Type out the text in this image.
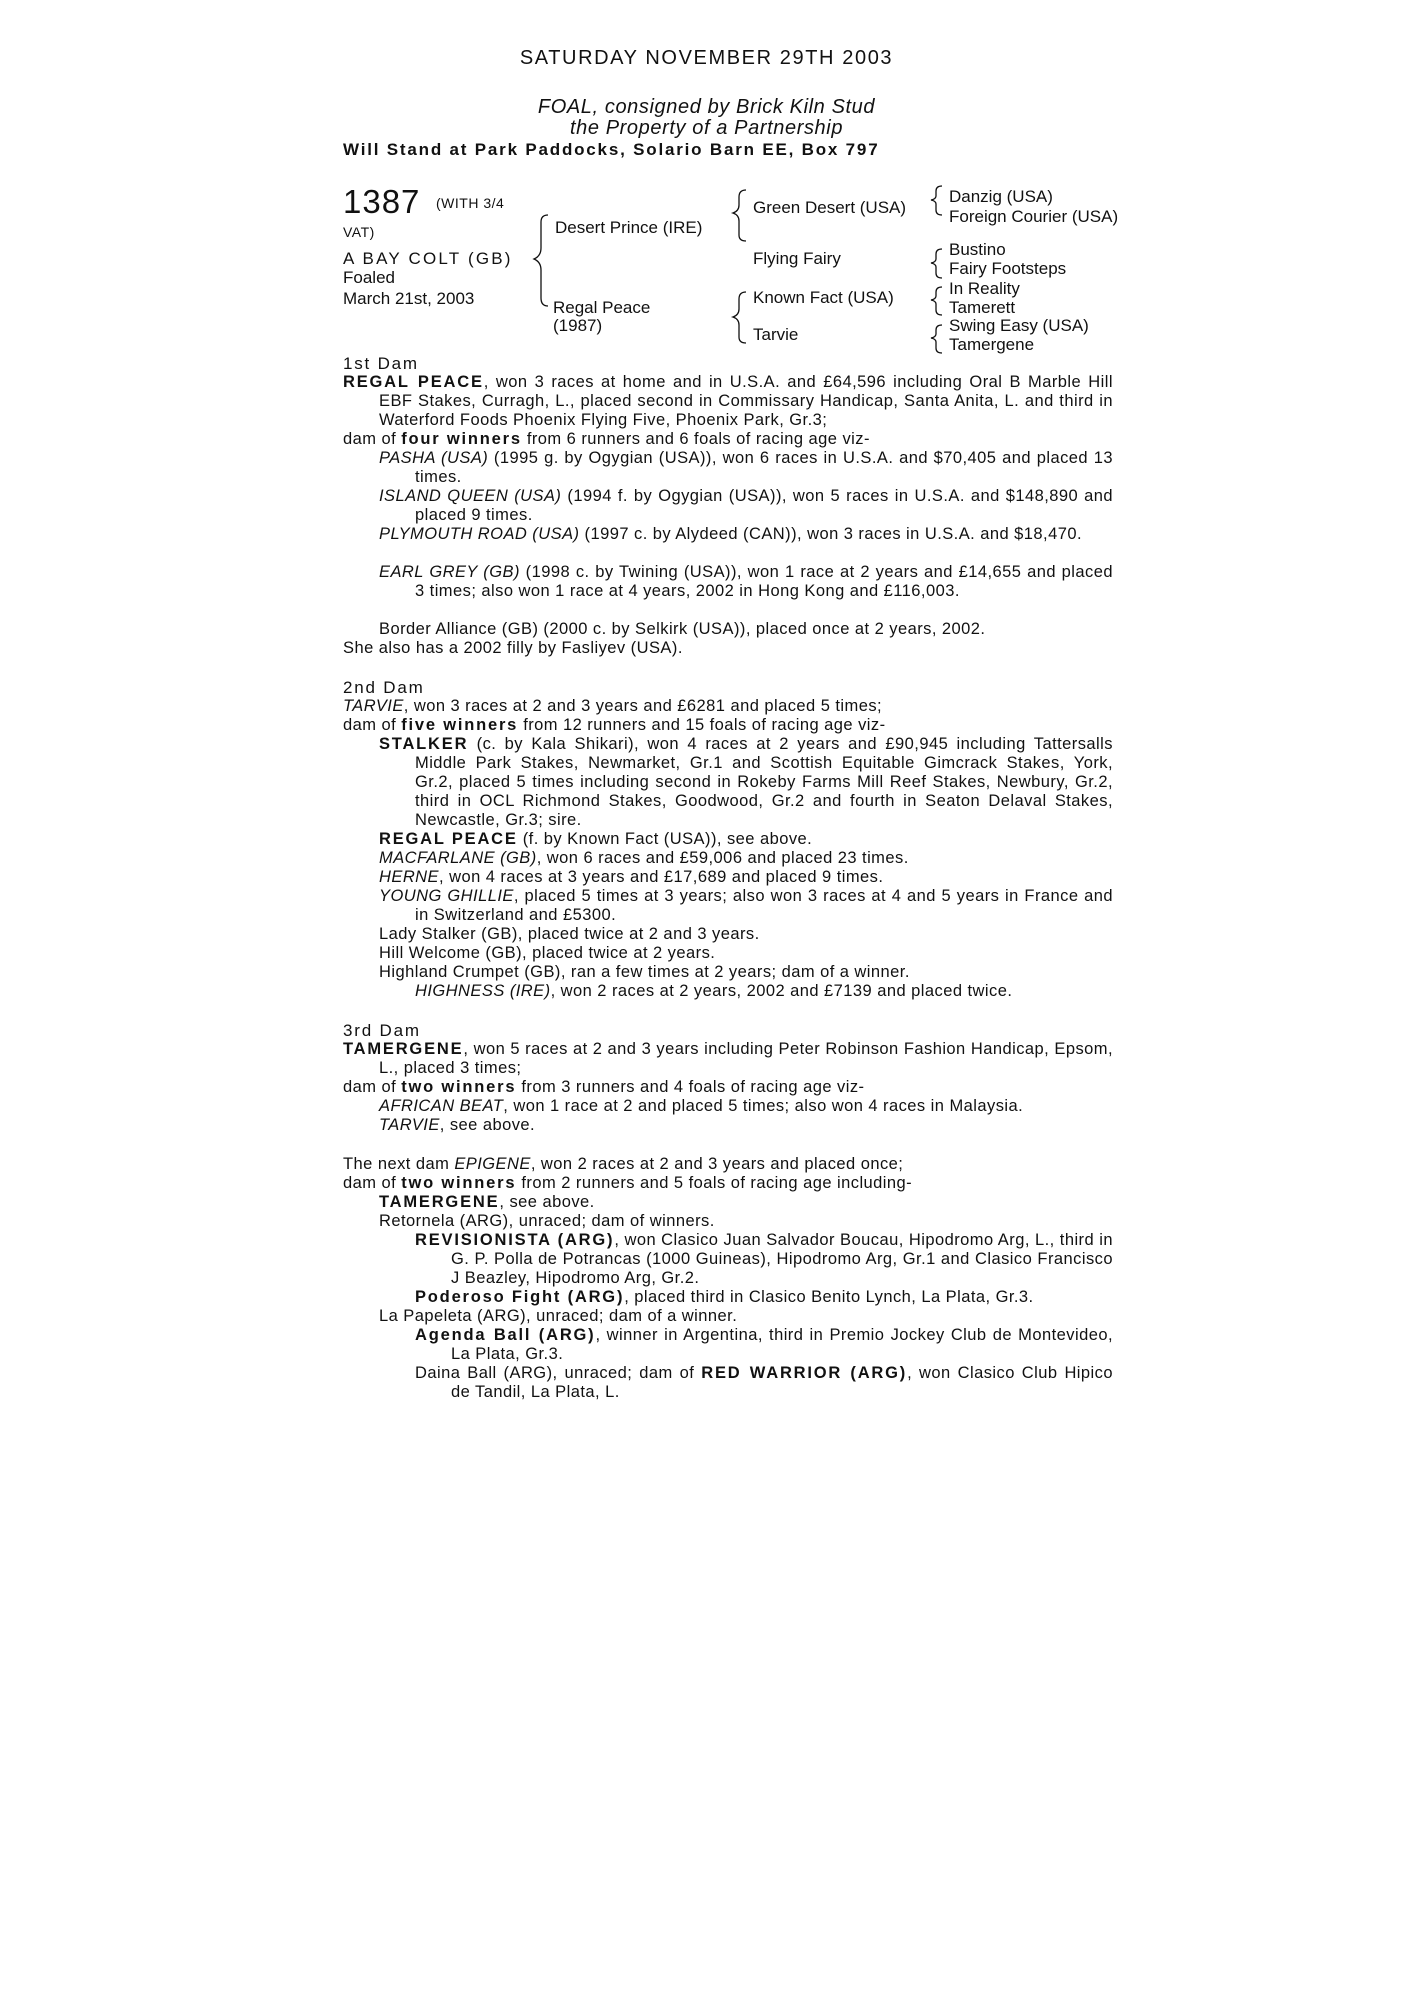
SATURDAY NOVEMBER 29TH 2003
FOAL, consigned by Brick Kiln Stud
the Property of a Partnership
Will Stand at Park Paddocks, Solario Barn EE, Box 797
1387 (WITH 3/4
VAT)
A BAY COLT (GB)
Foaled
March 21st, 2003
Desert Prince (IRE)
Regal Peace
(1987)
Green Desert (USA)
Flying Fairy
Known Fact (USA)
Tarvie
Danzig (USA)
Foreign Courier (USA)
Bustino
Fairy Footsteps
In Reality
Tamerett
Swing Easy (USA)
Tamergene
1st Dam
REGAL PEACE, won 3 races at home and in U.S.A. and £64,596 including Oral B Marble Hill EBF Stakes, Curragh, L., placed second in Commissary Handicap, Santa Anita, L. and third in Waterford Foods Phoenix Flying Five, Phoenix Park, Gr.3;
dam of four winners from 6 runners and 6 foals of racing age viz-
PASHA (USA) (1995 g. by Ogygian (USA)), won 6 races in U.S.A. and $70,405 and placed 13 times.
ISLAND QUEEN (USA) (1994 f. by Ogygian (USA)), won 5 races in U.S.A. and $148,890 and placed 9 times.
PLYMOUTH ROAD (USA) (1997 c. by Alydeed (CAN)), won 3 races in U.S.A. and $18,470.
EARL GREY (GB) (1998 c. by Twining (USA)), won 1 race at 2 years and £14,655 and placed 3 times; also won 1 race at 4 years, 2002 in Hong Kong and £116,003.
Border Alliance (GB) (2000 c. by Selkirk (USA)), placed once at 2 years, 2002.
She also has a 2002 filly by Fasliyev (USA).
2nd Dam
TARVIE, won 3 races at 2 and 3 years and £6281 and placed 5 times;
dam of five winners from 12 runners and 15 foals of racing age viz-
STALKER (c. by Kala Shikari), won 4 races at 2 years and £90,945 including Tattersalls Middle Park Stakes, Newmarket, Gr.1 and Scottish Equitable Gimcrack Stakes, York, Gr.2, placed 5 times including second in Rokeby Farms Mill Reef Stakes, Newbury, Gr.2, third in OCL Richmond Stakes, Goodwood, Gr.2 and fourth in Seaton Delaval Stakes, Newcastle, Gr.3; sire.
REGAL PEACE (f. by Known Fact (USA)), see above.
MACFARLANE (GB), won 6 races and £59,006 and placed 23 times.
HERNE, won 4 races at 3 years and £17,689 and placed 9 times.
YOUNG GHILLIE, placed 5 times at 3 years; also won 3 races at 4 and 5 years in France and in Switzerland and £5300.
Lady Stalker (GB), placed twice at 2 and 3 years.
Hill Welcome (GB), placed twice at 2 years.
Highland Crumpet (GB), ran a few times at 2 years; dam of a winner.
HIGHNESS (IRE), won 2 races at 2 years, 2002 and £7139 and placed twice.
3rd Dam
TAMERGENE, won 5 races at 2 and 3 years including Peter Robinson Fashion Handicap, Epsom, L., placed 3 times;
dam of two winners from 3 runners and 4 foals of racing age viz-
AFRICAN BEAT, won 1 race at 2 and placed 5 times; also won 4 races in Malaysia.
TARVIE, see above.
The next dam EPIGENE, won 2 races at 2 and 3 years and placed once;
dam of two winners from 2 runners and 5 foals of racing age including-
TAMERGENE, see above.
Retornela (ARG), unraced; dam of winners.
REVISIONISTA (ARG), won Clasico Juan Salvador Boucau, Hipodromo Arg, L., third in G. P. Polla de Potrancas (1000 Guineas), Hipodromo Arg, Gr.1 and Clasico Francisco J Beazley, Hipodromo Arg, Gr.2.
Poderoso Fight (ARG), placed third in Clasico Benito Lynch, La Plata, Gr.3.
La Papeleta (ARG), unraced; dam of a winner.
Agenda Ball (ARG), winner in Argentina, third in Premio Jockey Club de Montevideo, La Plata, Gr.3.
Daina Ball (ARG), unraced; dam of RED WARRIOR (ARG), won Clasico Club Hipico de Tandil, La Plata, L.
